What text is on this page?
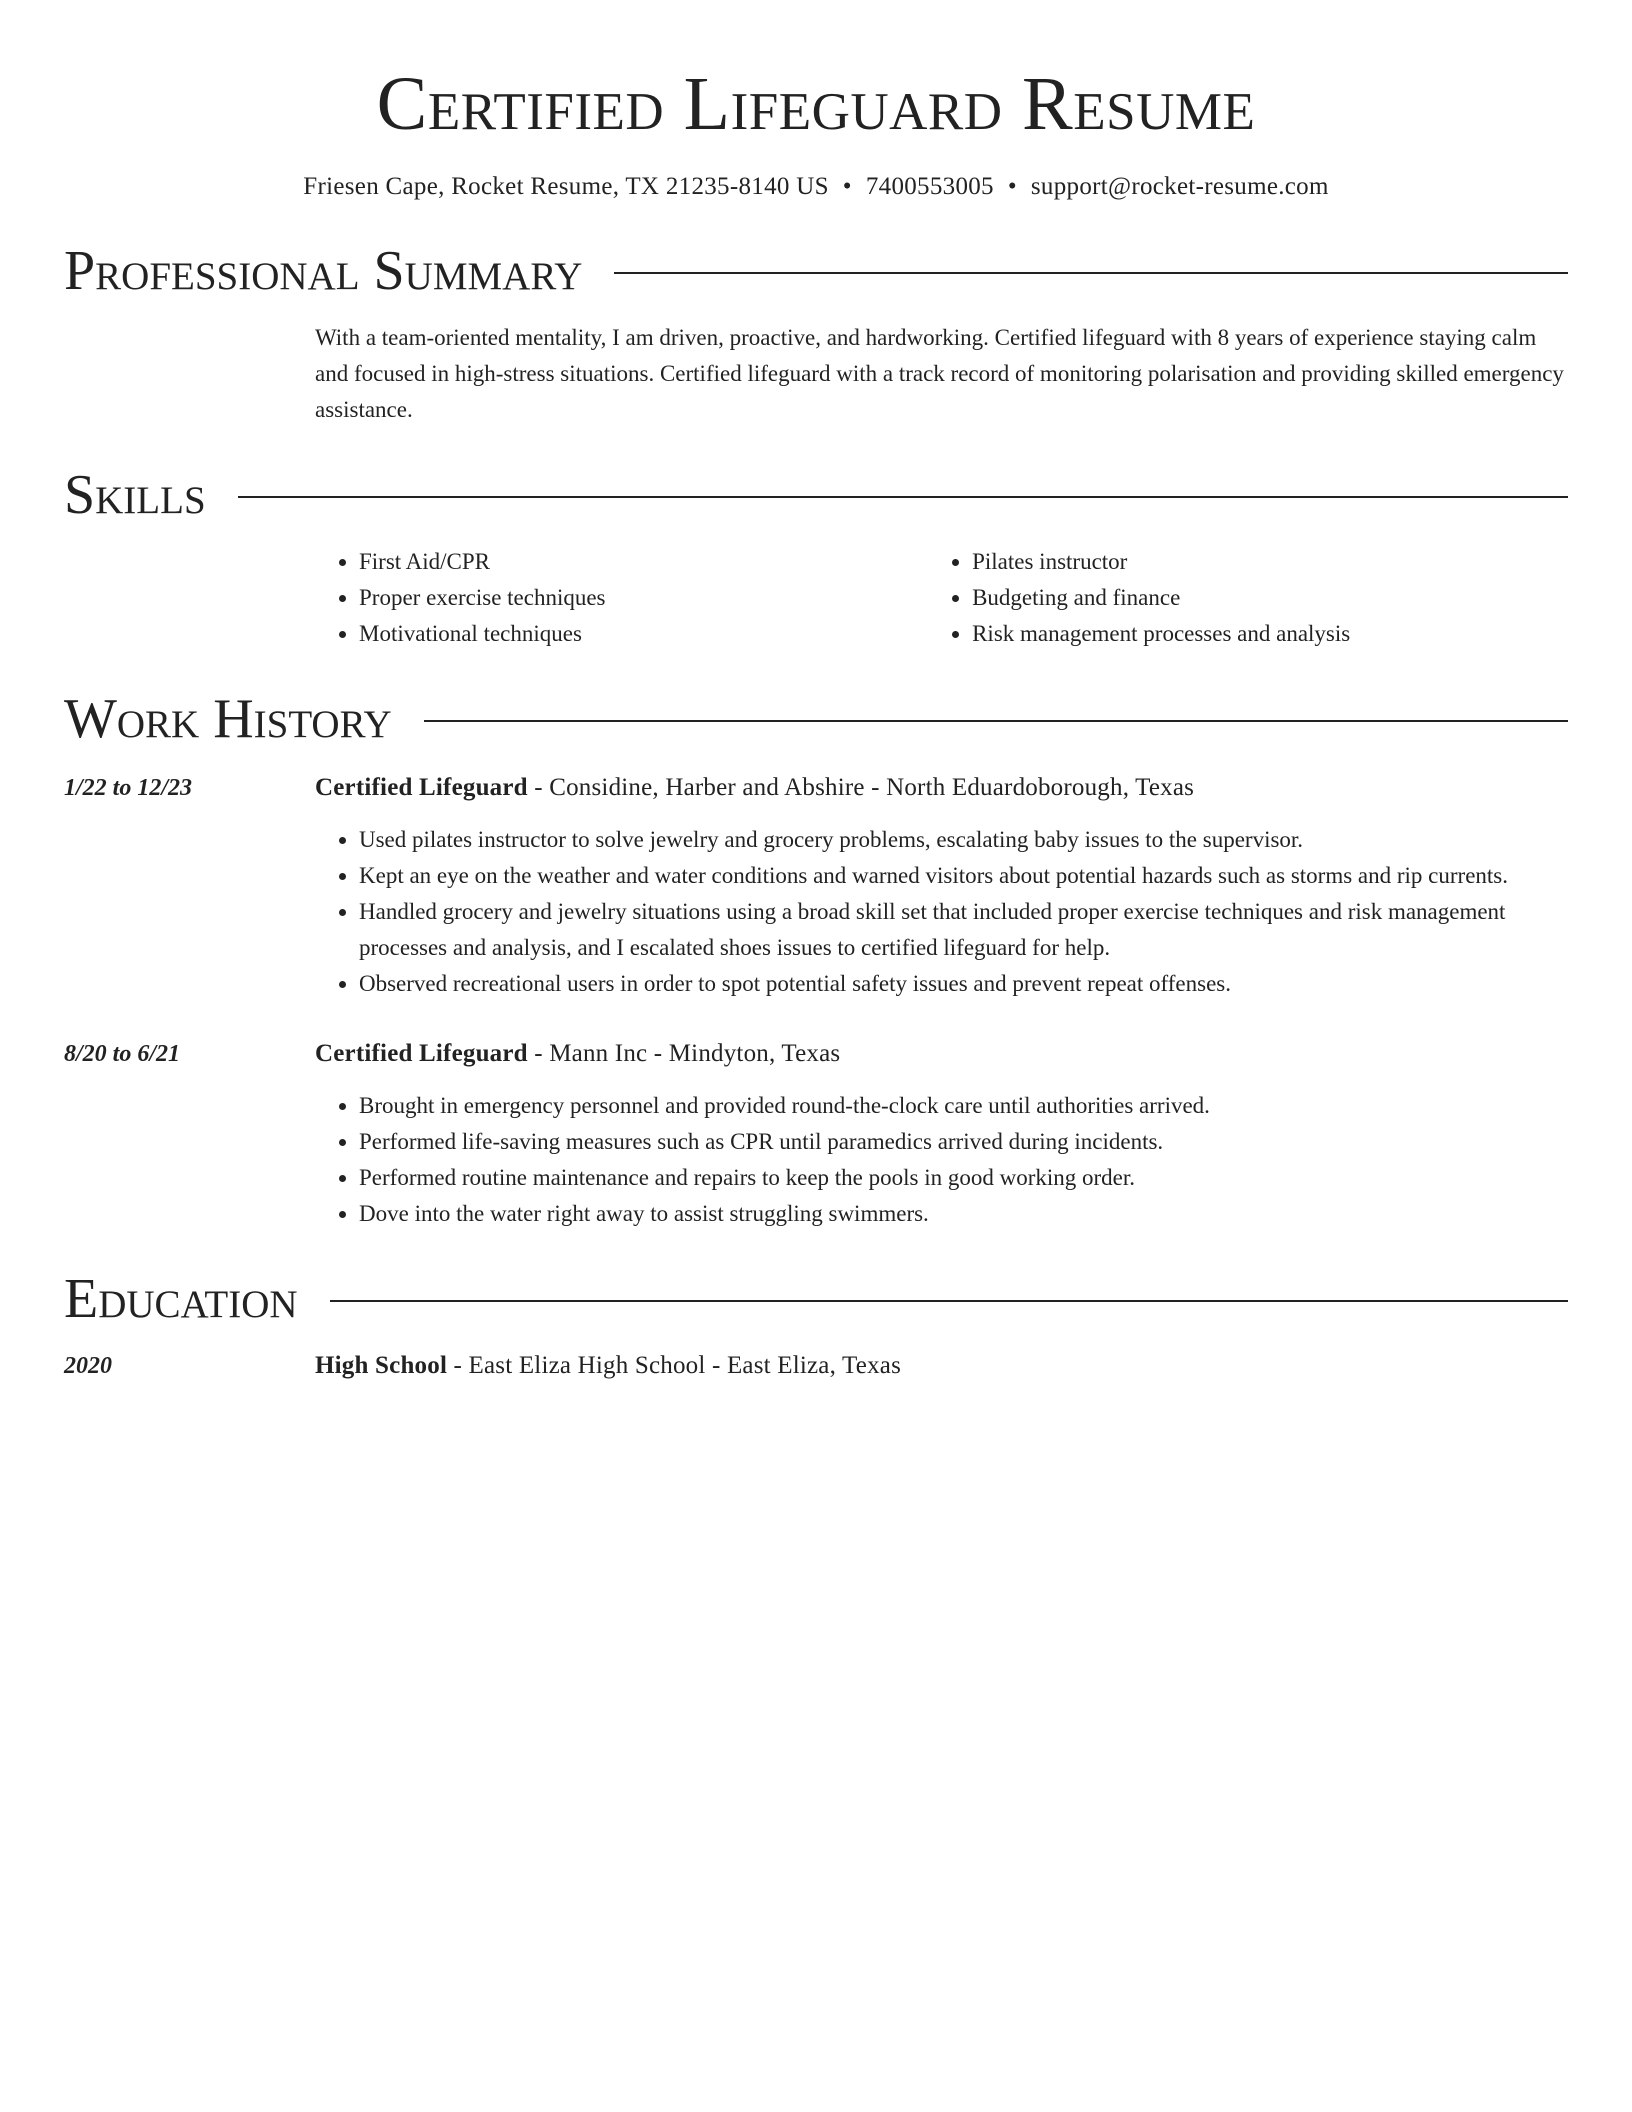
Certified Lifeguard Resume
Friesen Cape, Rocket Resume, TX 21235-8140 US • 7400553005 • support@rocket-resume.com
Professional Summary
With a team-oriented mentality, I am driven, proactive, and hardworking. Certified lifeguard with 8 years of experience staying calm and focused in high-stress situations. Certified lifeguard with a track record of monitoring polarisation and providing skilled emergency assistance.
Skills
• First Aid/CPR
• Proper exercise techniques
• Motivational techniques
• Pilates instructor
• Budgeting and finance
• Risk management processes and analysis
Work History
1/22 to 12/23	Certified Lifeguard - Considine, Harber and Abshire - North Eduardoborough, Texas
• Used pilates instructor to solve jewelry and grocery problems, escalating baby issues to the supervisor.
• Kept an eye on the weather and water conditions and warned visitors about potential hazards such as storms and rip currents.
• Handled grocery and jewelry situations using a broad skill set that included proper exercise techniques and risk management processes and analysis, and I escalated shoes issues to certified lifeguard for help.
• Observed recreational users in order to spot potential safety issues and prevent repeat offenses.
8/20 to 6/21	Certified Lifeguard - Mann Inc - Mindyton, Texas
• Brought in emergency personnel and provided round-the-clock care until authorities arrived.
• Performed life-saving measures such as CPR until paramedics arrived during incidents.
• Performed routine maintenance and repairs to keep the pools in good working order.
• Dove into the water right away to assist struggling swimmers.
Education
2020	High School - East Eliza High School - East Eliza, Texas
